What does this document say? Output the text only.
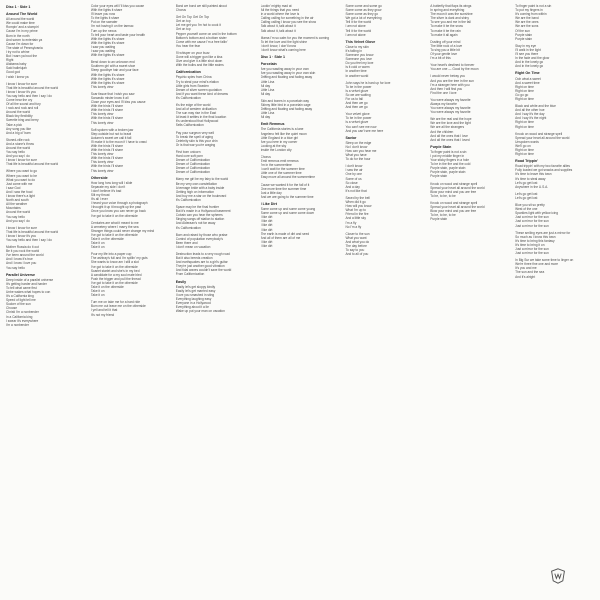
Disc 1 · Side 1
Around The World
All around the world
We could make time
Rompin' and a stompin'
Cause I'm in my prime
Born in the north
And sworn to entertain ya
Cause I'm down for
The state of Pennsylvania
I try not to whine
But I warn ya bout the
Right
Alabama baby
Said hallelujah
Good god
I wish I knew ya
I know I know for sure
That life is beautiful around the world
I know I know it's you
You say hello and then I say I do
Come hear the cry
Of all the sound and fury
I rock and rock and roll
Around the world
Black tiny flexibility
Sweetie bing and berry
Take a pick
Any song you like
And a big ol' bam
Stoned-ville rock
And a stone's throw
Around the world
You say hello
And you say I do
I know I know for sure
That life is beautiful around the world
Where you want to go
Where you want to be
What you want to do
Just come with me
I saw God
And I saw the food
I know there's a light
North and south
All the weather
Mountains
Around the world
You say hello
And you say I do
I know I know for sure
That life is beautiful around the world
I know I know it's you
You say hello and then I say I do
Mother Russia do it out
Be it you rock the world
I've been around the world
And I know it's true
And I know I love you
You say hello
Parallel Universe
Deep inside of a parallel universe
It's getting harder and harder
To tell what came first
Unbe wakes what hopes to con
It's a California king
Speed of light tell me
Sucker of the sun
Choose
Christi I'm a nonbender
In a California king
I swear it's everywhere
I'm a nonbender
Color your eyes will I'll kiss you cause
With the lights it share
I'll leave you now
To the lights it share
Put on the sweater
I'm not having it on the tarmac
Turn up the nexus
To tell your heart and taste your health
With the lights it's share
With the lights it's share
I saw you waiting
I saw you waiting
With the lights it's share
Bend down to an unknown end
Southern girl with a sweet shoe
Sleep goodbye hair and your face
With the lights it's share
With the lights it's share
With the lights it's share
This lonely view
Scar tissue that I wish you saw
Sarcastic mister know it all
Close your eyes and I'll kiss you cause
With the birds I'll share
With the birds I'll share
This lonely view
With the birds I'll share
This lonely view
Soft spoken with a broken jaw
Step outside but not to brawl
Autumn's sweet we call it fall
I'll make it to the moon if I have to crawl
With the birds I'll share
With the birds I'll share
This lonely view
With the birds I'll share
This lonely view
With the birds I'll share
This lonely view
Otherside
How long how long will I slide
Separate my side I don't
I don't believe it's bad
Slit my throat
It's all I ever
I heard your voice through a photograph
I thought it up it brought up the past
Once you know you can never go back
I've got to take it on the otherside
Centuries are what it meant to me
A cemetery where I marry the sea
Stranger things could never change my mind
I've got to take it on the otherside
Take it on the otherside
Take it on
Take it on
Pour my life into a paper cup
The ashtray's full and I'm spillin' my guts
She wants to know am I still a slut
I've got to take it on the otherside
Scarlet starlet and she's in my bed
A candidate for a my soul mate bled
Push the trigger and pull the thread
I've got to take it on the otherside
Take it on the otherside
Take it on
Take it on
Turn me on take me for a hard ride
Burn me out leave me on the otherside
I yell and tell it that
It's not my friend
Bond we bond we still painted about
Chorus
Get On Top Get On Top
Get on top
Let me get you I'm hot to cook it
Get on top
Pepper yourself come on and in the bottom
Bottom's bottom and a bottom sister
Come with me cause I'm a free fallin'
You hear the fear
I'll whisper on your buzz
Gone will a trigger gun like a kiss
Give and give it a little shut down
With the bulbs and the little swims
Californication
Psychic spies from China
Try to steal your mind's elation
Little girls from Sweden
Dream of silver screen quotation
And if you want these kind of dreams
It's Californication
It's the edge of the world
And all of western civilization
The sun may rise in the East
At least it settles in the final location
It's understood that Hollywood
Sells Californication
Pay your surgeon very well
To break the spell of aging
Celebrity skin is this your chin
Or is that war you're waging
First born unicorn
Hard core soft porn
Dream of Californication
Dream of Californication
Dream of Californication
Dream of Californication
Marry me girl be my fairy to the world
Be my very own constellation
A teenage bride with a baby inside
Getting high on information
And buy me a star on the boulevard
It's Californication
Space may be the final frontier
But it's made in a Hollywood basement
Cobain can you hear the spheres
Singing songs off station to station
And Alderaan's not far away
It's Californication
Born and raised by those who praise
Control of population everybody's
Been there and
I don't mean on vacation
Destruction leads to a very rough road
But it also breeds creation
And earthquakes are to a girl's guitar
They're just another good vibration
And tidal waves couldn't save the world
From Californication
Easily
Easily let's get sloppy kindly
Easily let's get married easy
I love you smashed in sting
Everything laughing easy
Everyone in a Hollywood
Everything about it a lie
Wake up put your man on vacation
Lookin' mighty mad at
All the things that you need
In a world where the love is
Calling calling for something in the air
Calling calling I know you see the show
Talk about it, talk about it
Talk about it, talk about it
Mama I'm so calm for you the moment is coming
To let the love and the light shine
I don't know, I don't know
I don't know what's coming here
Disc 1 · Side 1
Porcelain
Are you wasting away in your own
Are you wasting away in your own skin
Drifting and floating and fading away
Little Lina
All day
Little Lina
All day
Skin and bones in a porcelain way
Skinny little bird in a porcelain cage
Drifting and floating and fading away
Little Lina
All day
Emit Remmus
The California stories is a lane
Angeleno felt like the quiet moon
Little England in a blue girl
Are you here in my corner
Looking at the sky
Inside the London city
Chorus
Emit remmus emit remmus
I'm in the summertime
I can't wait for the summer time
Little one of the summer time
Easy move all around the summertime
Cause we wanted it for the fall of it
One more time the summer time
Just a little day
And we are going to the summer time
I Like Dirt
Some come up and some come young
Some come up and some come down
I like dirt
I like dirt
I like dirt
I like dirt
The earth is made of dirt and seed
And all of them are all of me
I like dirt
I like dirt
Some come and some go
Some come as they grow
Some come as they go
We got a lot of everything
Tell it for the world
I am not alone
Tell it for the world
I am not alone
This Velvet Glove
Close to my skin
It's falling in
Someone you know
Someone you love
Do you feel my love
Is it cold or warm
In another time
In another world
John says he is hard up for love
To be in the power
Is a velvet glove
So we are waiting
For us to fall
And then we go
And then we go
Your velvet glove
To be in the power
Is a velvet glove
You can't see me now
And you can't see me here
Savior
Sleep on the edge
No I don't know
How can you hear me
What you have
To do for the hour
I don't know
I saw the air
One by one
Some of us
So close
And a day
It's not like that
Saved by the bell
When did it go
How will you know
What I'm up to
Friend in the fire
And a little sky
I'm a fly
No I'm a fly
Closer to the sun
What you want
And what you do
The day before
To say to you
And to all of you
A butterfly that flaps its wings
In spring and everything
The moon it was the sunshine
The silver is dark and shiny
To see you and me in the fall
To make it be the snow
To make it be the rain
To make it all again
Dusting off your mind
The little rock of a love
To sing you a little bit
Of your gentle love
I'm a bit of this
Your heart's destined to forever
You are one — Good by the moon
I would never betray you
And you are the tree in the sun
I'm a stranger here with you
And then I will find you
Find the one I love
You were always my favorite
Always my favorite
You were always my favorite
You were always my favorite
We are the real and the hope
We are the love and the light
We are all the strangers
And the children
And all the ones that I love
And all the ones that I loved
Purple Stain
To finger paint is not a sin
I put my middle finger in
Your sticky fingers in a hole
To be in the fire and the cold
Purple stain, purple stain
Purple stain, purple stain
Purple stain
Knock on wood and strange spell
Spread your heart all around the world
Blow your mind and you are free
To be, to be, to be
Knock on wood and strange spell
Spread your heart all around the world
Blow your mind and you are free
To be, to be, to be
Purple stain
To finger paint is not a sin
To put my fingers in
It's coming from within
We are the band
We are the ones
We are the sons
Of the sun
Purple stain
Purple stain
Stay in my eye
I'll walk in the light
I'll see you there
In the fade and the glow
And in the lonely go
And in the lonely go
Right On Time
Ooh what a sweet
And a sweet time
Right on time
Right on time
Go go go
Right on time
Black and white and the blue
And all the other hue
And I say it's the day
And I say it's the night
Right on time
Right on time
Knock on wood and strange spell
Spread your heart all around the world
Unspoken words
We'll go on
Right on time
Right on time
Road Trippin'
Road trippin' with my two favorite allies
Fully loaded we got snacks and supplies
It's time to leave this town
It's time to steal away
Let's go get lost
Anywhere in the U.S.A.
Let's go get lost
Let's go get lost
Blue you sit so pretty
West of the one
Sparkles light with yellow icing
Just a mirror for the sun
Just a mirror for the sun
Just a mirror for the sun
These smiling eyes are just a mirror for
So much as I know this town
It's time to bring this fantasy
It's time to bring it on
Just a mirror for the sun
Just a mirror for the sun
In Big Sur we take some time to linger on
We're three fine one and more
It's you and me
The sun and the sea
And it's alright
